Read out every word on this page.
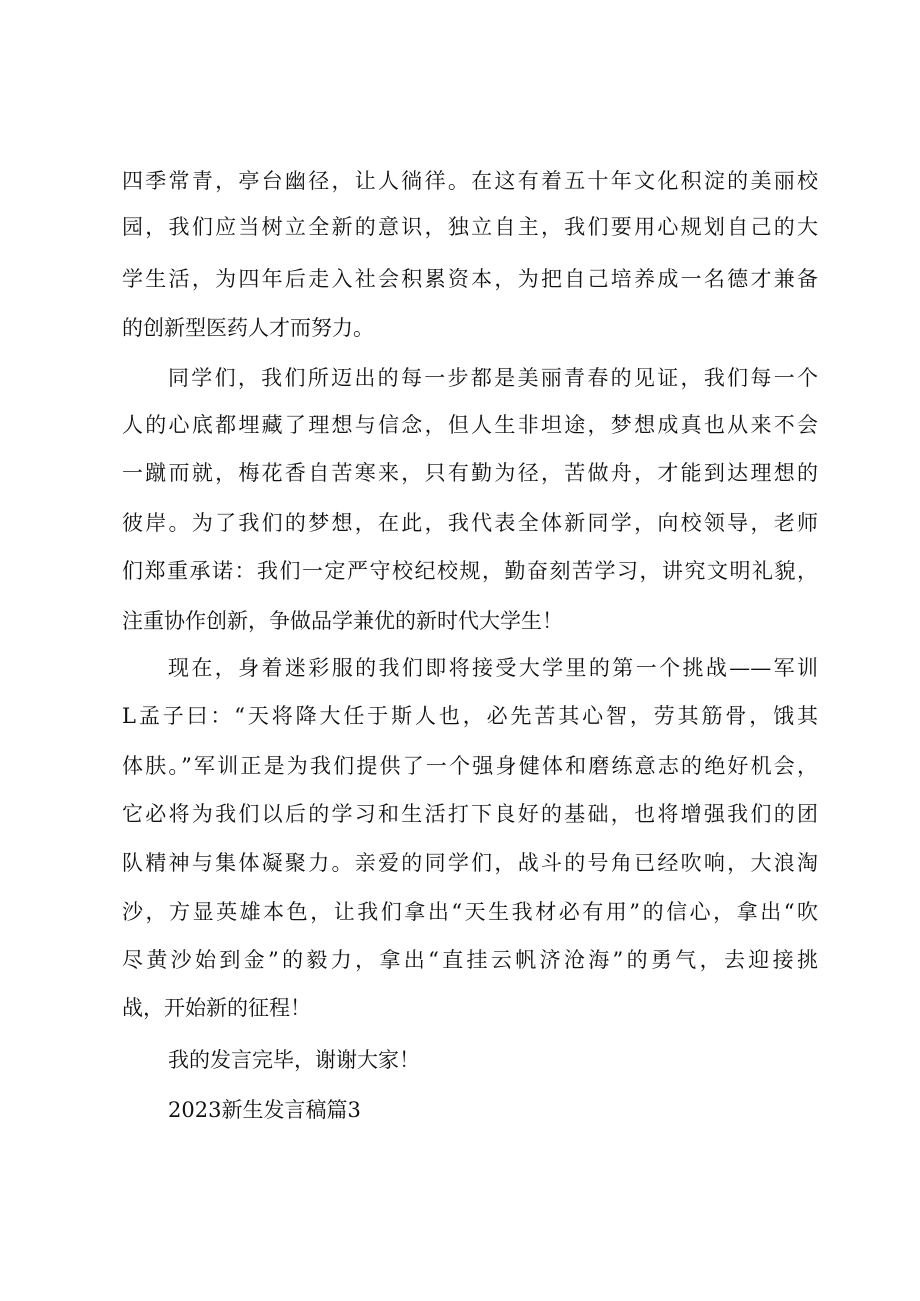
四季常青，亭台幽径，让人徜徉。在这有着五十年文化积淀的美丽校
园，我们应当树立全新的意识，独立自主，我们要用心规划自己的大
学生活，为四年后走入社会积累资本，为把自己培养成一名德才兼备
的创新型医药人才而努力。
同学们，我们所迈出的每一步都是美丽青春的见证，我们每一个
人的心底都埋藏了理想与信念，但人生非坦途，梦想成真也从来不会
一蹴而就，梅花香自苦寒来，只有勤为径，苦做舟，才能到达理想的
彼岸。为了我们的梦想，在此，我代表全体新同学，向校领导，老师
们郑重承诺：我们一定严守校纪校规，勤奋刻苦学习，讲究文明礼貌，
注重协作创新，争做品学兼优的新时代大学生！
现在，身着迷彩服的我们即将接受大学里的第一个挑战——军训
L孟子曰：“天将降大任于斯人也，必先苦其心智，劳其筋骨，饿其
体肤。”军训正是为我们提供了一个强身健体和磨练意志的绝好机会，
它必将为我们以后的学习和生活打下良好的基础，也将增强我们的团
队精神与集体凝聚力。亲爱的同学们，战斗的号角已经吹响，大浪淘
沙，方显英雄本色，让我们拿出“天生我材必有用”的信心，拿出“吹
尽黄沙始到金”的毅力，拿出“直挂云帆济沧海”的勇气，去迎接挑
战，开始新的征程！
我的发言完毕，谢谢大家！
2023新生发言稿篇3
